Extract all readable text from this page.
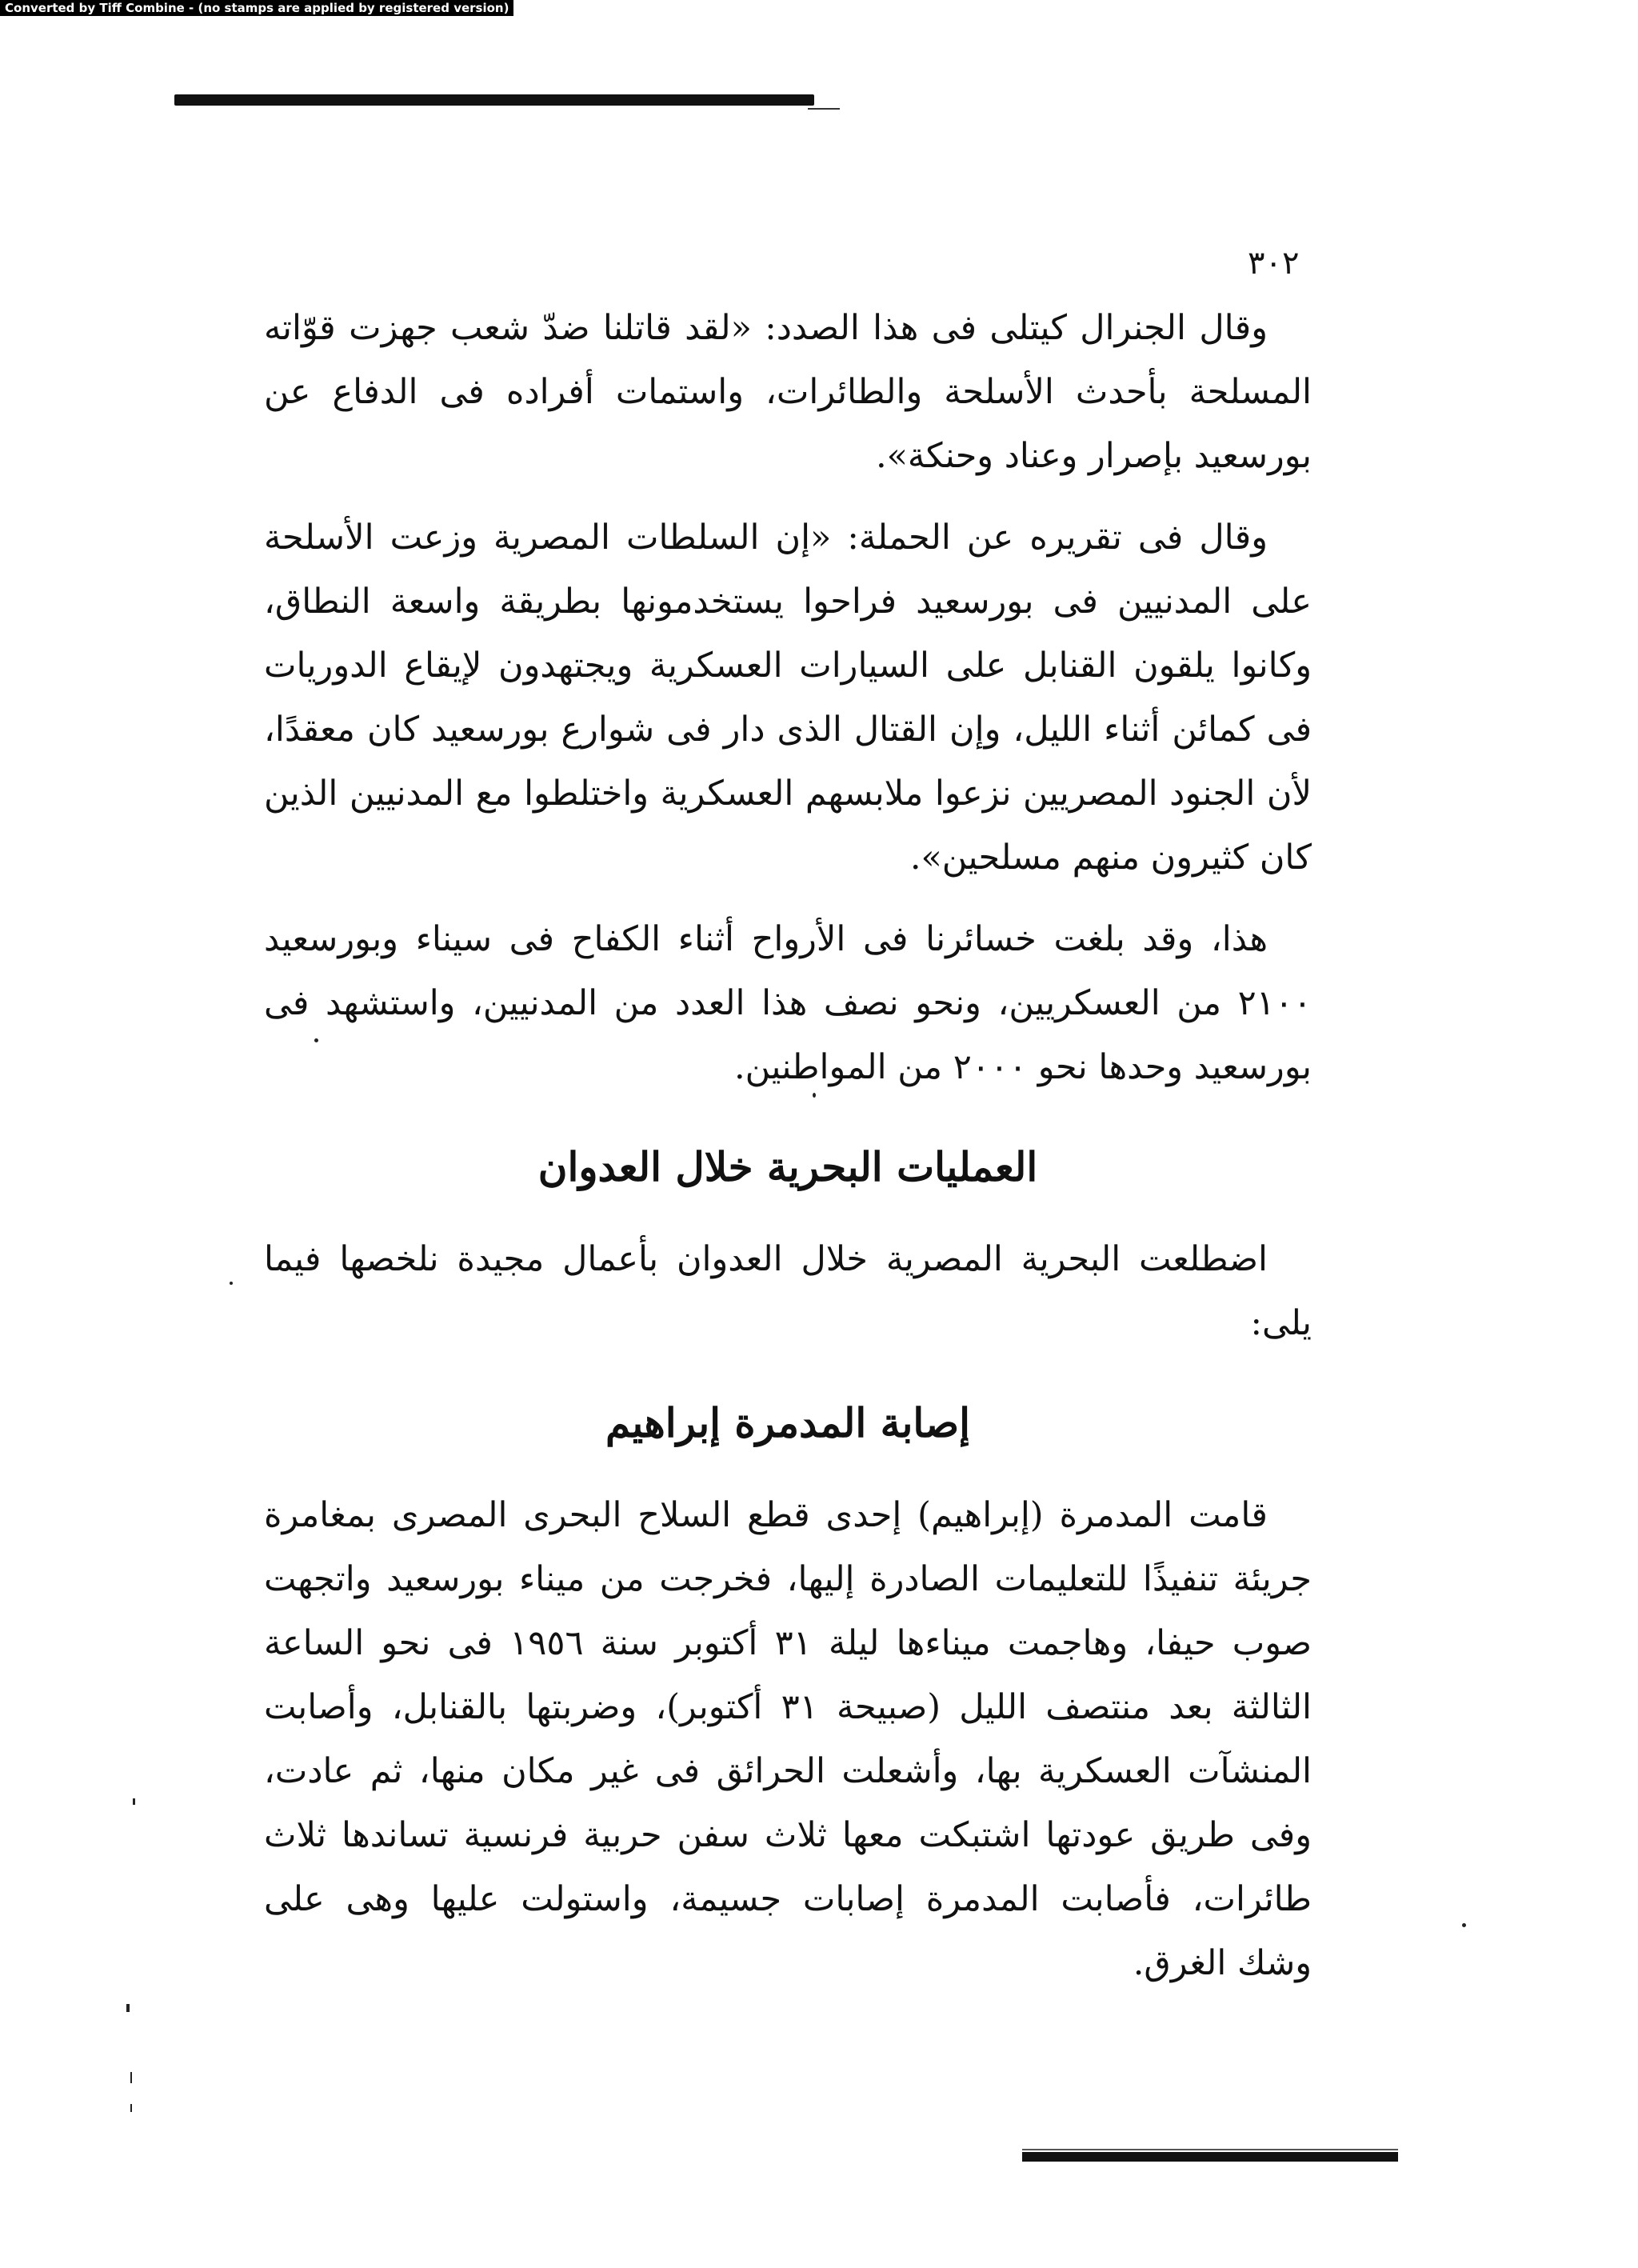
Converted by Tiff Combine - (no stamps are applied by registered version)
٣٠٢

وقال الجنرال كيتلى فى هذا الصدد: «لقد قاتلنا ضدّ شعب جهزت قوّاته المسلحة بأحدث الأسلحة والطائرات، واستمات أفراده فى الدفاع عن بورسعيد بإصرار وعناد وحنكة».

وقال فى تقريره عن الحملة: «إن السلطات المصرية وزعت الأسلحة على المدنيين فى بورسعيد فراحوا يستخدمونها بطريقة واسعة النطاق، وكانوا يلقون القنابل على السيارات العسكرية ويجتهدون لإيقاع الدوريات فى كمائن أثناء الليل، وإن القتال الذى دار فى شوارع بورسعيد كان معقدًا، لأن الجنود المصريين نزعوا ملابسهم العسكرية واختلطوا مع المدنيين الذين كان كثيرون منهم مسلحين».

هذا، وقد بلغت خسائرنا فى الأرواح أثناء الكفاح فى سيناء وبورسعيد ٢١٠٠ من العسكريين، ونحو نصف هذا العدد من المدنيين، واستشهد فى بورسعيد وحدها نحو ٢٠٠٠ من المواطنين.

العمليات البحرية خلال العدوان

اضطلعت البحرية المصرية خلال العدوان بأعمال مجيدة نلخصها فيما يلى:

إصابة المدمرة إبراهيم

قامت المدمرة (إبراهيم) إحدى قطع السلاح البحرى المصرى بمغامرة جريئة تنفيذًا للتعليمات الصادرة إليها، فخرجت من ميناء بورسعيد واتجهت صوب حيفا، وهاجمت ميناءها ليلة ٣١ أكتوبر سنة ١٩٥٦ فى نحو الساعة الثالثة بعد منتصف الليل (صبيحة ٣١ أكتوبر)، وضربتها بالقنابل، وأصابت المنشآت العسكرية بها، وأشعلت الحرائق فى غير مكان منها، ثم عادت، وفى طريق عودتها اشتبكت معها ثلاث سفن حربية فرنسية تساندها ثلاث طائرات، فأصابت المدمرة إصابات جسيمة، واستولت عليها وهى على وشك الغرق.
